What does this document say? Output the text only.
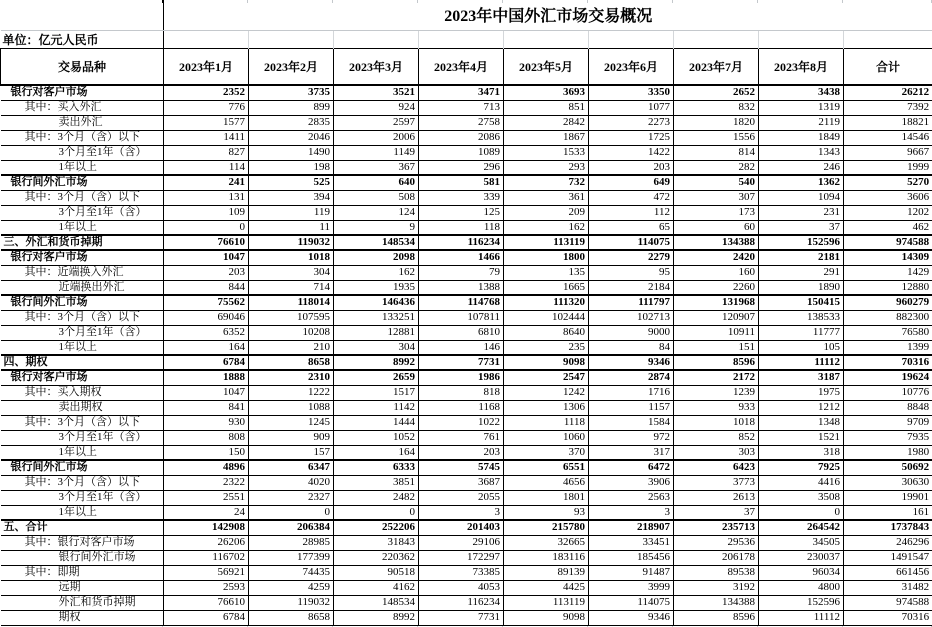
	2023年中国外汇市场交易概况								
单位：亿元人民币									
交易品种	2023年1月	2023年2月	2023年3月	2023年4月	2023年5月	2023年6月	2023年7月	2023年8月	合计
银行对客户市场	2352	3735	3521	3471	3693	3350	2652	3438	26212
其中：买入外汇	776	899	924	713	851	1077	832	1319	7392
卖出外汇	1577	2835	2597	2758	2842	2273	1820	2119	18821
其中：3个月（含）以下	1411	2046	2006	2086	1867	1725	1556	1849	14546
3个月至1年（含）	827	1490	1149	1089	1533	1422	814	1343	9667
1年以上	114	198	367	296	293	203	282	246	1999
银行间外汇市场	241	525	640	581	732	649	540	1362	5270
其中：3个月（含）以下	131	394	508	339	361	472	307	1094	3606
3个月至1年（含）	109	119	124	125	209	112	173	231	1202
1年以上	0	11	9	118	162	65	60	37	462
三、外汇和货币掉期	76610	119032	148534	116234	113119	114075	134388	152596	974588
银行对客户市场	1047	1018	2098	1466	1800	2279	2420	2181	14309
其中：近端换入外汇	203	304	162	79	135	95	160	291	1429
近端换出外汇	844	714	1935	1388	1665	2184	2260	1890	12880
银行间外汇市场	75562	118014	146436	114768	111320	111797	131968	150415	960279
其中：3个月（含）以下	69046	107595	133251	107811	102444	102713	120907	138533	882300
3个月至1年（含）	6352	10208	12881	6810	8640	9000	10911	11777	76580
1年以上	164	210	304	146	235	84	151	105	1399
四、期权	6784	8658	8992	7731	9098	9346	8596	11112	70316
银行对客户市场	1888	2310	2659	1986	2547	2874	2172	3187	19624
其中：买入期权	1047	1222	1517	818	1242	1716	1239	1975	10776
卖出期权	841	1088	1142	1168	1306	1157	933	1212	8848
其中：3个月（含）以下	930	1245	1444	1022	1118	1584	1018	1348	9709
3个月至1年（含）	808	909	1052	761	1060	972	852	1521	7935
1年以上	150	157	164	203	370	317	303	318	1980
银行间外汇市场	4896	6347	6333	5745	6551	6472	6423	7925	50692
其中：3个月（含）以下	2322	4020	3851	3687	4656	3906	3773	4416	30630
3个月至1年（含）	2551	2327	2482	2055	1801	2563	2613	3508	19901
1年以上	24	0	0	3	93	3	37	0	161
五、合计	142908	206384	252206	201403	215780	218907	235713	264542	1737843
其中：银行对客户市场	26206	28985	31843	29106	32665	33451	29536	34505	246296
银行间外汇市场	116702	177399	220362	172297	183116	185456	206178	230037	1491547
其中：即期	56921	74435	90518	73385	89139	91487	89538	96034	661456
远期	2593	4259	4162	4053	4425	3999	3192	4800	31482
外汇和货币掉期	76610	119032	148534	116234	113119	114075	134388	152596	974588
期权	6784	8658	8992	7731	9098	9346	8596	11112	70316
